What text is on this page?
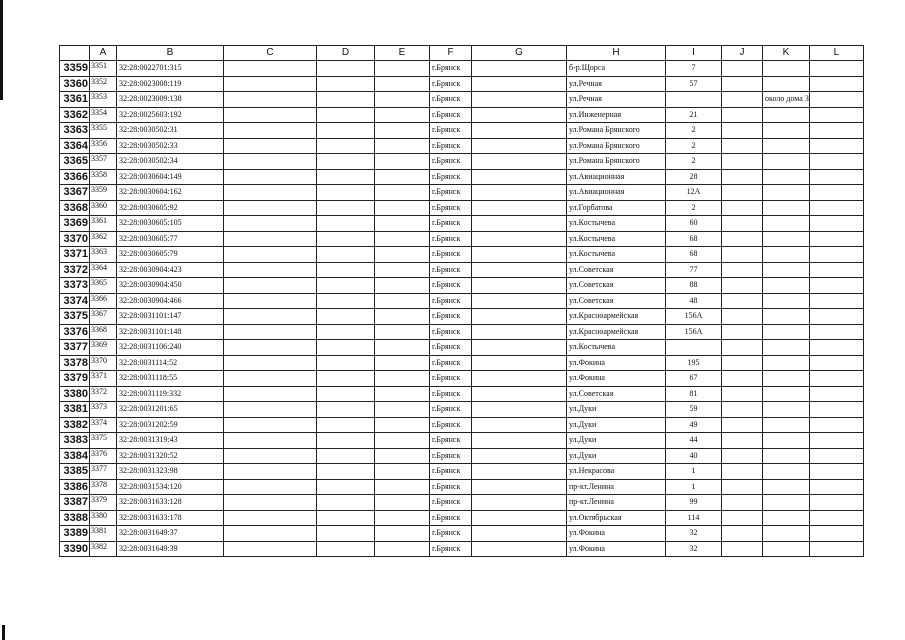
	A	B	C	D	E	F	G	H	I	J	K	L
3359	3351	32:28:0022701:315				г.Брянск		б-р.Щорса	7			
3360	3352	32:28:0023008:119				г.Брянск		ул.Речная	57			
3361	3353	32:28:0023009:138				г.Брянск		ул.Речная			около дома 3	
3362	3354	32:28:0025603:192				г.Брянск		ул.Инженерная	21			
3363	3355	32:28:0030502:31				г.Брянск		ул.Романа Брянского	2			
3364	3356	32:28:0030502:33				г.Брянск		ул.Романа Брянского	2			
3365	3357	32:28:0030502:34				г.Брянск		ул.Романа Брянского	2			
3366	3358	32:28:0030604:149				г.Брянск		ул.Авиационная	28			
3367	3359	32:28:0030604:162				г.Брянск		ул.Авиационная	12А			
3368	3360	32:28:0030605:92				г.Брянск		ул.Горбатова	2			
3369	3361	32:28:0030605:105				г.Брянск		ул.Костычева	60			
3370	3362	32:28:0030605:77				г.Брянск		ул.Костычева	68			
3371	3363	32:28:0030605:79				г.Брянск		ул.Костычева	68			
3372	3364	32:28:0030904:423				г.Брянск		ул.Советская	77			
3373	3365	32:28:0030904:450				г.Брянск		ул.Советская	88			
3374	3366	32:28:0030904:466				г.Брянск		ул.Советская	48			
3375	3367	32:28:0031101:147				г.Брянск		ул.Красноармейская	156А			
3376	3368	32:28:0031101:148				г.Брянск		ул.Красноармейская	156А			
3377	3369	32:28:0031106:240				г.Брянск		ул.Костычева				
3378	3370	32:28:0031114:52				г.Брянск		ул.Фокина	195			
3379	3371	32:28:0031118:55				г.Брянск		ул.Фокина	67			
3380	3372	32:28:0031119:332				г.Брянск		ул.Советская	81			
3381	3373	32:28:0031201:65				г.Брянск		ул.Дуки	59			
3382	3374	32:28:0031202:59				г.Брянск		ул.Дуки	49			
3383	3375	32:28:0031319:43				г.Брянск		ул.Дуки	44			
3384	3376	32:28:0031320:52				г.Брянск		ул.Дуки	40			
3385	3377	32:28:0031323:98				г.Брянск		ул.Некрасова	1			
3386	3378	32:28:0031534:120				г.Брянск		пр-кт.Ленина	1			
3387	3379	32:28:0031633:128				г.Брянск		пр-кт.Ленина	99			
3388	3380	32:28:0031633:178				г.Брянск		ул.Октябрьская	114			
3389	3381	32:28:0031649:37				г.Брянск		ул.Фокина	32			
3390	3382	32:28:0031649:39				г.Брянск		ул.Фокина	32			
